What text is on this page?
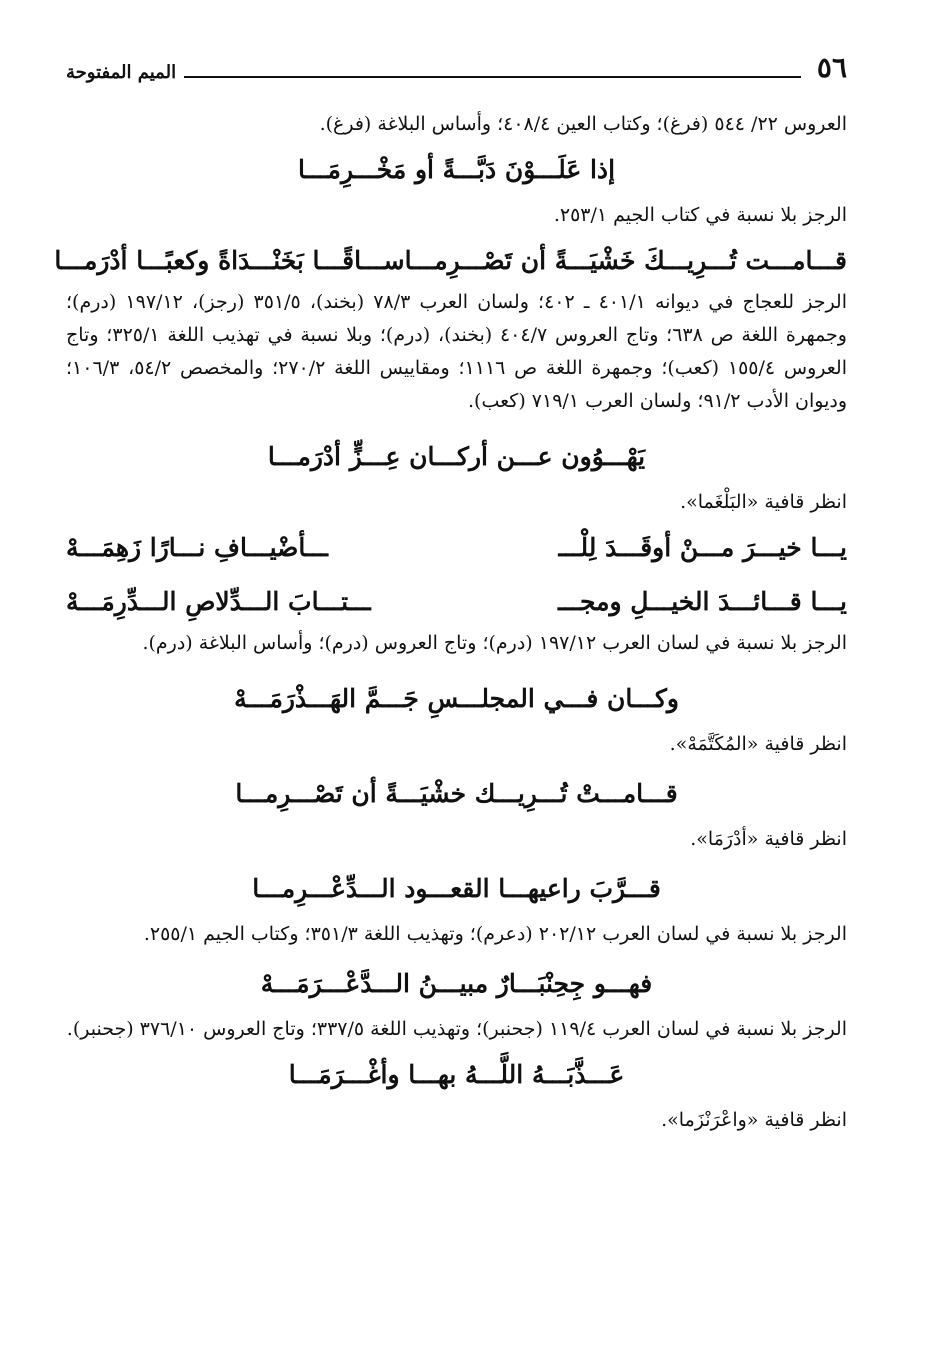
٥٦
الميم المفتوحة

العروس ٢٢/ ٥٤٤ (فرغ)؛ وكتاب العين ٤٠٨/٤؛ وأساس البلاغة (فرغ).

إذا عَلَـــوْنَ دَبَّـــةً أو مَخْـــرِمَـــا

الرجز بلا نسبة في كتاب الجيم ٢٥٣/١.

قـــامـــت تُـــرِيـــكَ خَشْيَـــةً أن تَصْـــرِمـــا
ســـاقًـــا بَخَنْـــدَاةً وكعبًـــا أدْرَمـــا

الرجز للعجاج في ديوانه ٤٠١/١ ـ ٤٠٢؛ ولسان العرب ٧٨/٣ (بخند)، ٣٥١/٥ (رجز)، ١٩٧/١٢ (درم)؛ وجمهرة اللغة ص ٦٣٨؛ وتاج العروس ٤٠٤/٧ (بخند)، (درم)؛ وبلا نسبة في تهذيب اللغة ٣٢٥/١؛ وتاج العروس ١٥٥/٤ (كعب)؛ وجمهرة اللغة ص ١١١٦؛ ومقاييس اللغة ٢٧٠/٢؛ والمخصص ٥٤/٢، ١٠٦/٣؛ وديوان الأدب ٩١/٢؛ ولسان العرب ٧١٩/١ (كعب).

يَهْـــوُون عـــن أركـــان عِـــزٍّ أدْرَمـــا

انظر قافية «البَلْغَما».

يـــا خيـــرَ مـــنْ أوقَـــدَ لِلْـــ
ـــأضْيـــافِ نـــارًا زَهِمَـــهْ
يـــا قـــائـــدَ الخيـــلِ ومجـــ
ـــتـــابَ الـــدِّلاصِ الـــدِّرِمَـــهْ

الرجز بلا نسبة في لسان العرب ١٩٧/١٢ (درم)؛ وتاج العروس (درم)؛ وأساس البلاغة (درم).

وكـــان فـــي المجلـــسِ جَـــمَّ الهَـــذْرَمَـــهْ

انظر قافية «المُكَتَّمَهْ».

قـــامـــتْ تُـــرِيـــك خشْيَـــةً أن تَصْـــرِمـــا

انظر قافية «أدْرَمَا».

قـــرَّبَ راعيهـــا القعـــود الـــدِّعْـــرِمـــا

الرجز بلا نسبة في لسان العرب ٢٠٢/١٢ (دعرم)؛ وتهذيب اللغة ٣٥١/٣؛ وكتاب الجيم ٢٥٥/١.

فهـــو جِحِنْبَـــارٌ مبيـــنُ الـــدَّعْـــرَمَـــهْ

الرجز بلا نسبة في لسان العرب ١١٩/٤ (جحنبر)؛ وتهذيب اللغة ٣٣٧/٥؛ وتاج العروس ٣٧٦/١٠ (جحنبر).

عَـــذَّبَـــهُ اللَّـــهُ بهـــا وأغْـــرَمَـــا

انظر قافية «واعْرَنْزَما».
